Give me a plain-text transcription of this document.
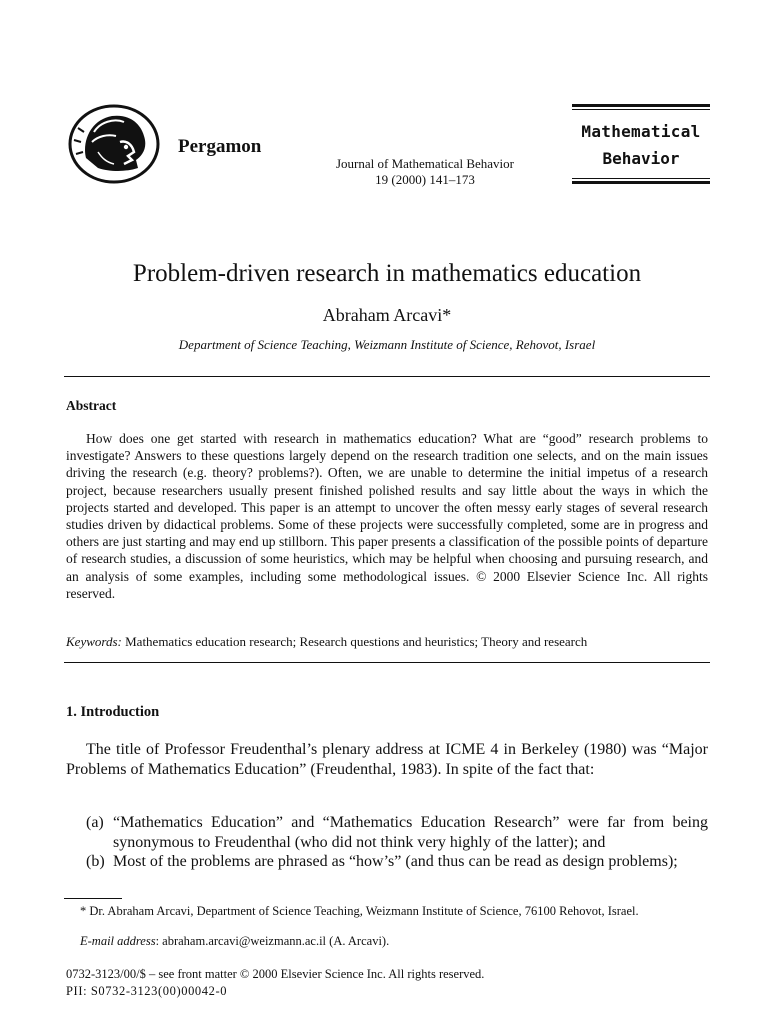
Pergamon
Journal of Mathematical Behavior
19 (2000) 141–173
Mathematical
Behavior
Problem-driven research in mathematics education
Abraham Arcavi*
Department of Science Teaching, Weizmann Institute of Science, Rehovot, Israel
Abstract
How does one get started with research in mathematics education? What are “good” research problems to investigate? Answers to these questions largely depend on the research tradition one selects, and on the main issues driving the research (e.g. theory? problems?). Often, we are unable to determine the initial impetus of a research project, because researchers usually present finished polished results and say little about the ways in which the projects started and developed. This paper is an attempt to uncover the often messy early stages of several research studies driven by didactical problems. Some of these projects were successfully completed, some are in progress and others are just starting and may end up stillborn. This paper presents a classification of the possible points of departure of research studies, a discussion of some heuristics, which may be helpful when choosing and pursuing research, and an analysis of some examples, including some methodological issues. © 2000 Elsevier Science Inc. All rights reserved.
Keywords: Mathematics education research; Research questions and heuristics; Theory and research
1. Introduction
The title of Professor Freudenthal’s plenary address at ICME 4 in Berkeley (1980) was “Major Problems of Mathematics Education” (Freudenthal, 1983). In spite of the fact that:
(a) “Mathematics Education” and “Mathematics Education Research” were far from being synonymous to Freudenthal (who did not think very highly of the latter); and
(b) Most of the problems are phrased as “how’s” (and thus can be read as design problems);
* Dr. Abraham Arcavi, Department of Science Teaching, Weizmann Institute of Science, 76100 Rehovot, Israel.
E-mail address: abraham.arcavi@weizmann.ac.il (A. Arcavi).
0732-3123/00/$ – see front matter © 2000 Elsevier Science Inc. All rights reserved.
PII: S0732-3123(00)00042-0
